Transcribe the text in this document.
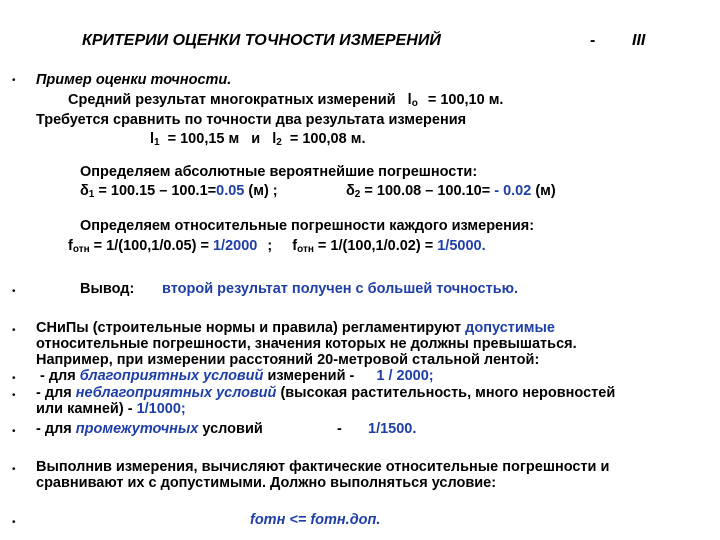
КРИТЕРИИ ОЦЕНКИ ТОЧНОСТИ ИЗМЕРЕНИЙ	- III
• Пример оценки точности.
Средний результат многократных измерений $l_o = 100,10$ м.
Требуется сравнить по точности два результата измерения
$l_1 = 100,15$ м и $l_2 = 100,08$ м.
Определяем абсолютные вероятнейшие погрешности:
$\delta_1 = 100.15 - 100.1=0.05$ (м) ;	$\delta_2 = 100.08 - 100.10= - 0.02$ (м)
Определяем относительные погрешности каждого измерения:
$f_{отн} = 1/(100,1/0.05) = 1/2000$ ; $f_{отн} = 1/(100,1/0.02) = 1/5000$.
•	Вывод: второй результат получен с большей точностью.
• СНиПы (строительные нормы и правила) регламентируют допустимые
относительные погрешности, значения которых не должны превышаться.
Например, при измерении расстояний 20-метровой стальной лентой:
• - для благоприятных условий измерений - 1 / 2000;
• - для неблагоприятных условий (высокая растительность, много неровностей
или камней) - 1/1000;
• - для промежуточных условий	- 1/1500.
• Выполнив измерения, вычисляют фактические относительные погрешности и
сравнивают их с допустимыми. Должно выполняться условие:
•	fотн <= fотн.доп.
